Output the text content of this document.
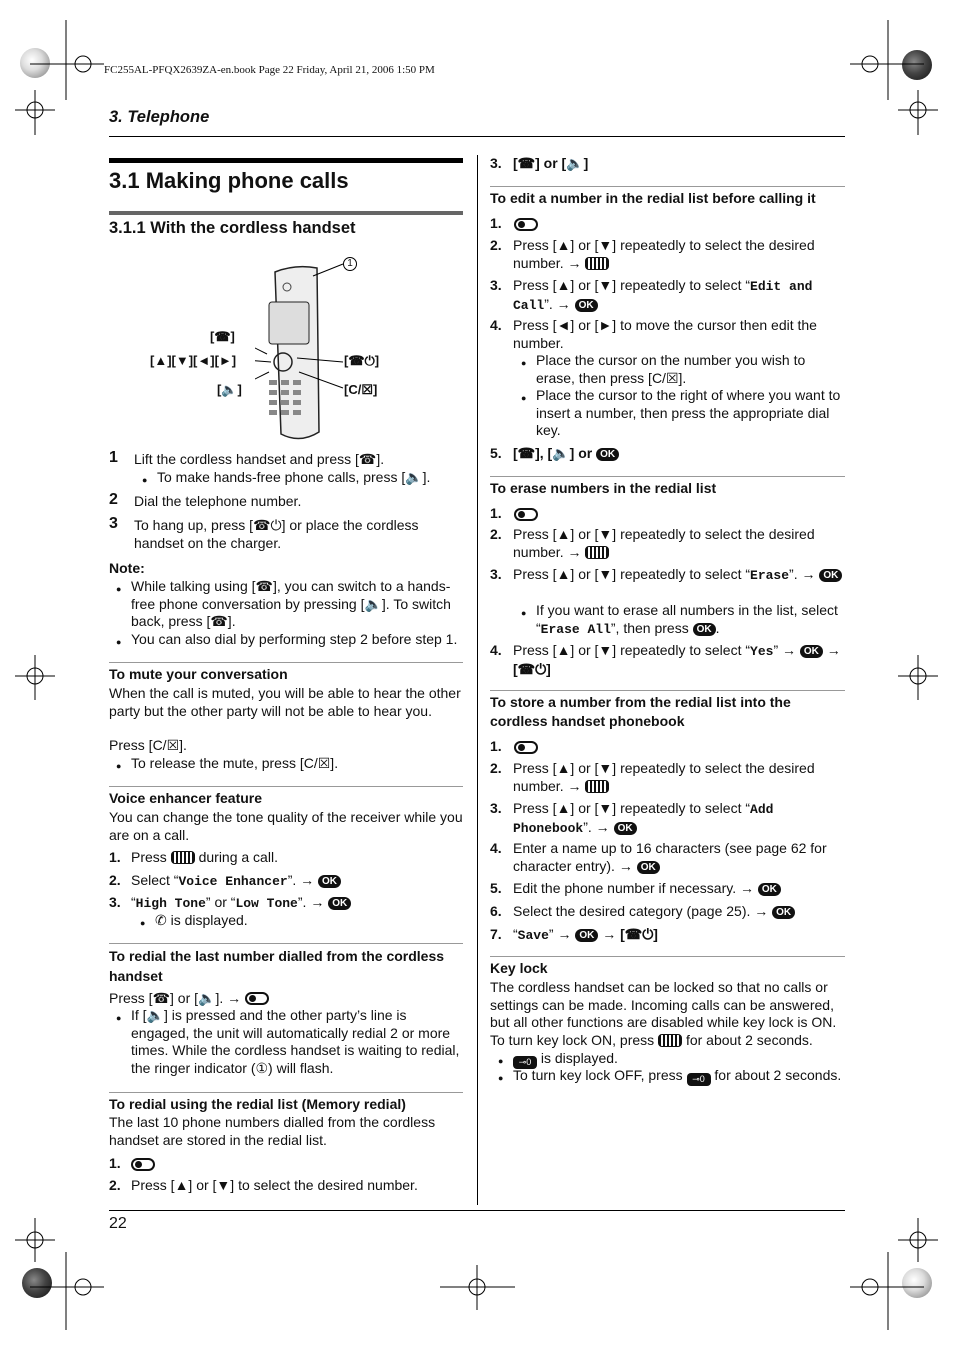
FC255AL-PFQX2639ZA-en.book Page 22 Friday, April 21, 2006 1:50 PM
3. Telephone
3.1 Making phone calls
3.1.1 With the cordless handset
1
[☎]
[▲][▼][◄][►]
[🔈]
[☎⏻]
[C/☒]
1 Lift the cordless handset and press [☎].
● To make hands-free phone calls, press [🔈].
2 Dial the telephone number.
3 To hang up, press [☎⏻] or place the cordless handset on the charger.
Note:
● While talking using [☎], you can switch to a hands-free phone conversation by pressing [🔈]. To switch back, press [☎].
● You can also dial by performing step 2 before step 1.
To mute your conversation
When the call is muted, you will be able to hear the other party but the other party will not be able to hear you.
Press [C/☒].
● To release the mute, press [C/☒].
Voice enhancer feature
You can change the tone quality of the receiver while you are on a call.
1. Press during a call.
2. Select “Voice Enhancer”. → OK
3. “High Tone” or “Low Tone”. → OK
● ✆ is displayed.
To redial the last number dialled from the cordless handset
Press [☎] or [🔈]. →
● If [🔈] is pressed and the other party’s line is engaged, the unit will automatically redial 2 or more times. While the cordless handset is waiting to redial, the ringer indicator (①) will flash.
To redial using the redial list (Memory redial)
The last 10 phone numbers dialled from the cordless handset are stored in the redial list.
1.
2. Press [▲] or [▼] to select the desired number.
22
3. [☎] or [🔈]
To edit a number in the redial list before calling it
1.
2. Press [▲] or [▼] repeatedly to select the desired number. →
3. Press [▲] or [▼] repeatedly to select “Edit and Call”. → OK
4. Press [◄] or [►] to move the cursor then edit the number.
● Place the cursor on the number you wish to erase, then press [C/☒].
● Place the cursor to the right of where you want to insert a number, then press the appropriate dial key.
5. [☎], [🔈] or OK
To erase numbers in the redial list
1.
2. Press [▲] or [▼] repeatedly to select the desired number. →
3. Press [▲] or [▼] repeatedly to select “Erase”. → OK
● If you want to erase all numbers in the list, select “Erase All”, then press OK .
4. Press [▲] or [▼] repeatedly to select “Yes” → OK → [☎⏻]
To store a number from the redial list into the cordless handset phonebook
1.
2. Press [▲] or [▼] repeatedly to select the desired number. →
3. Press [▲] or [▼] repeatedly to select “Add Phonebook”. → OK
4. Enter a name up to 16 characters (see page 62 for character entry). → OK
5. Edit the phone number if necessary. → OK
6. Select the desired category (page 25). → OK
7. “Save” → OK → [☎⏻]
Key lock
The cordless handset can be locked so that no calls or settings can be made. Incoming calls can be answered, but all other functions are disabled while key lock is ON. To turn key lock ON, press for about 2 seconds.
●	⊸0 is displayed.
● To turn key lock OFF, press ⊸0 for about 2 seconds.
